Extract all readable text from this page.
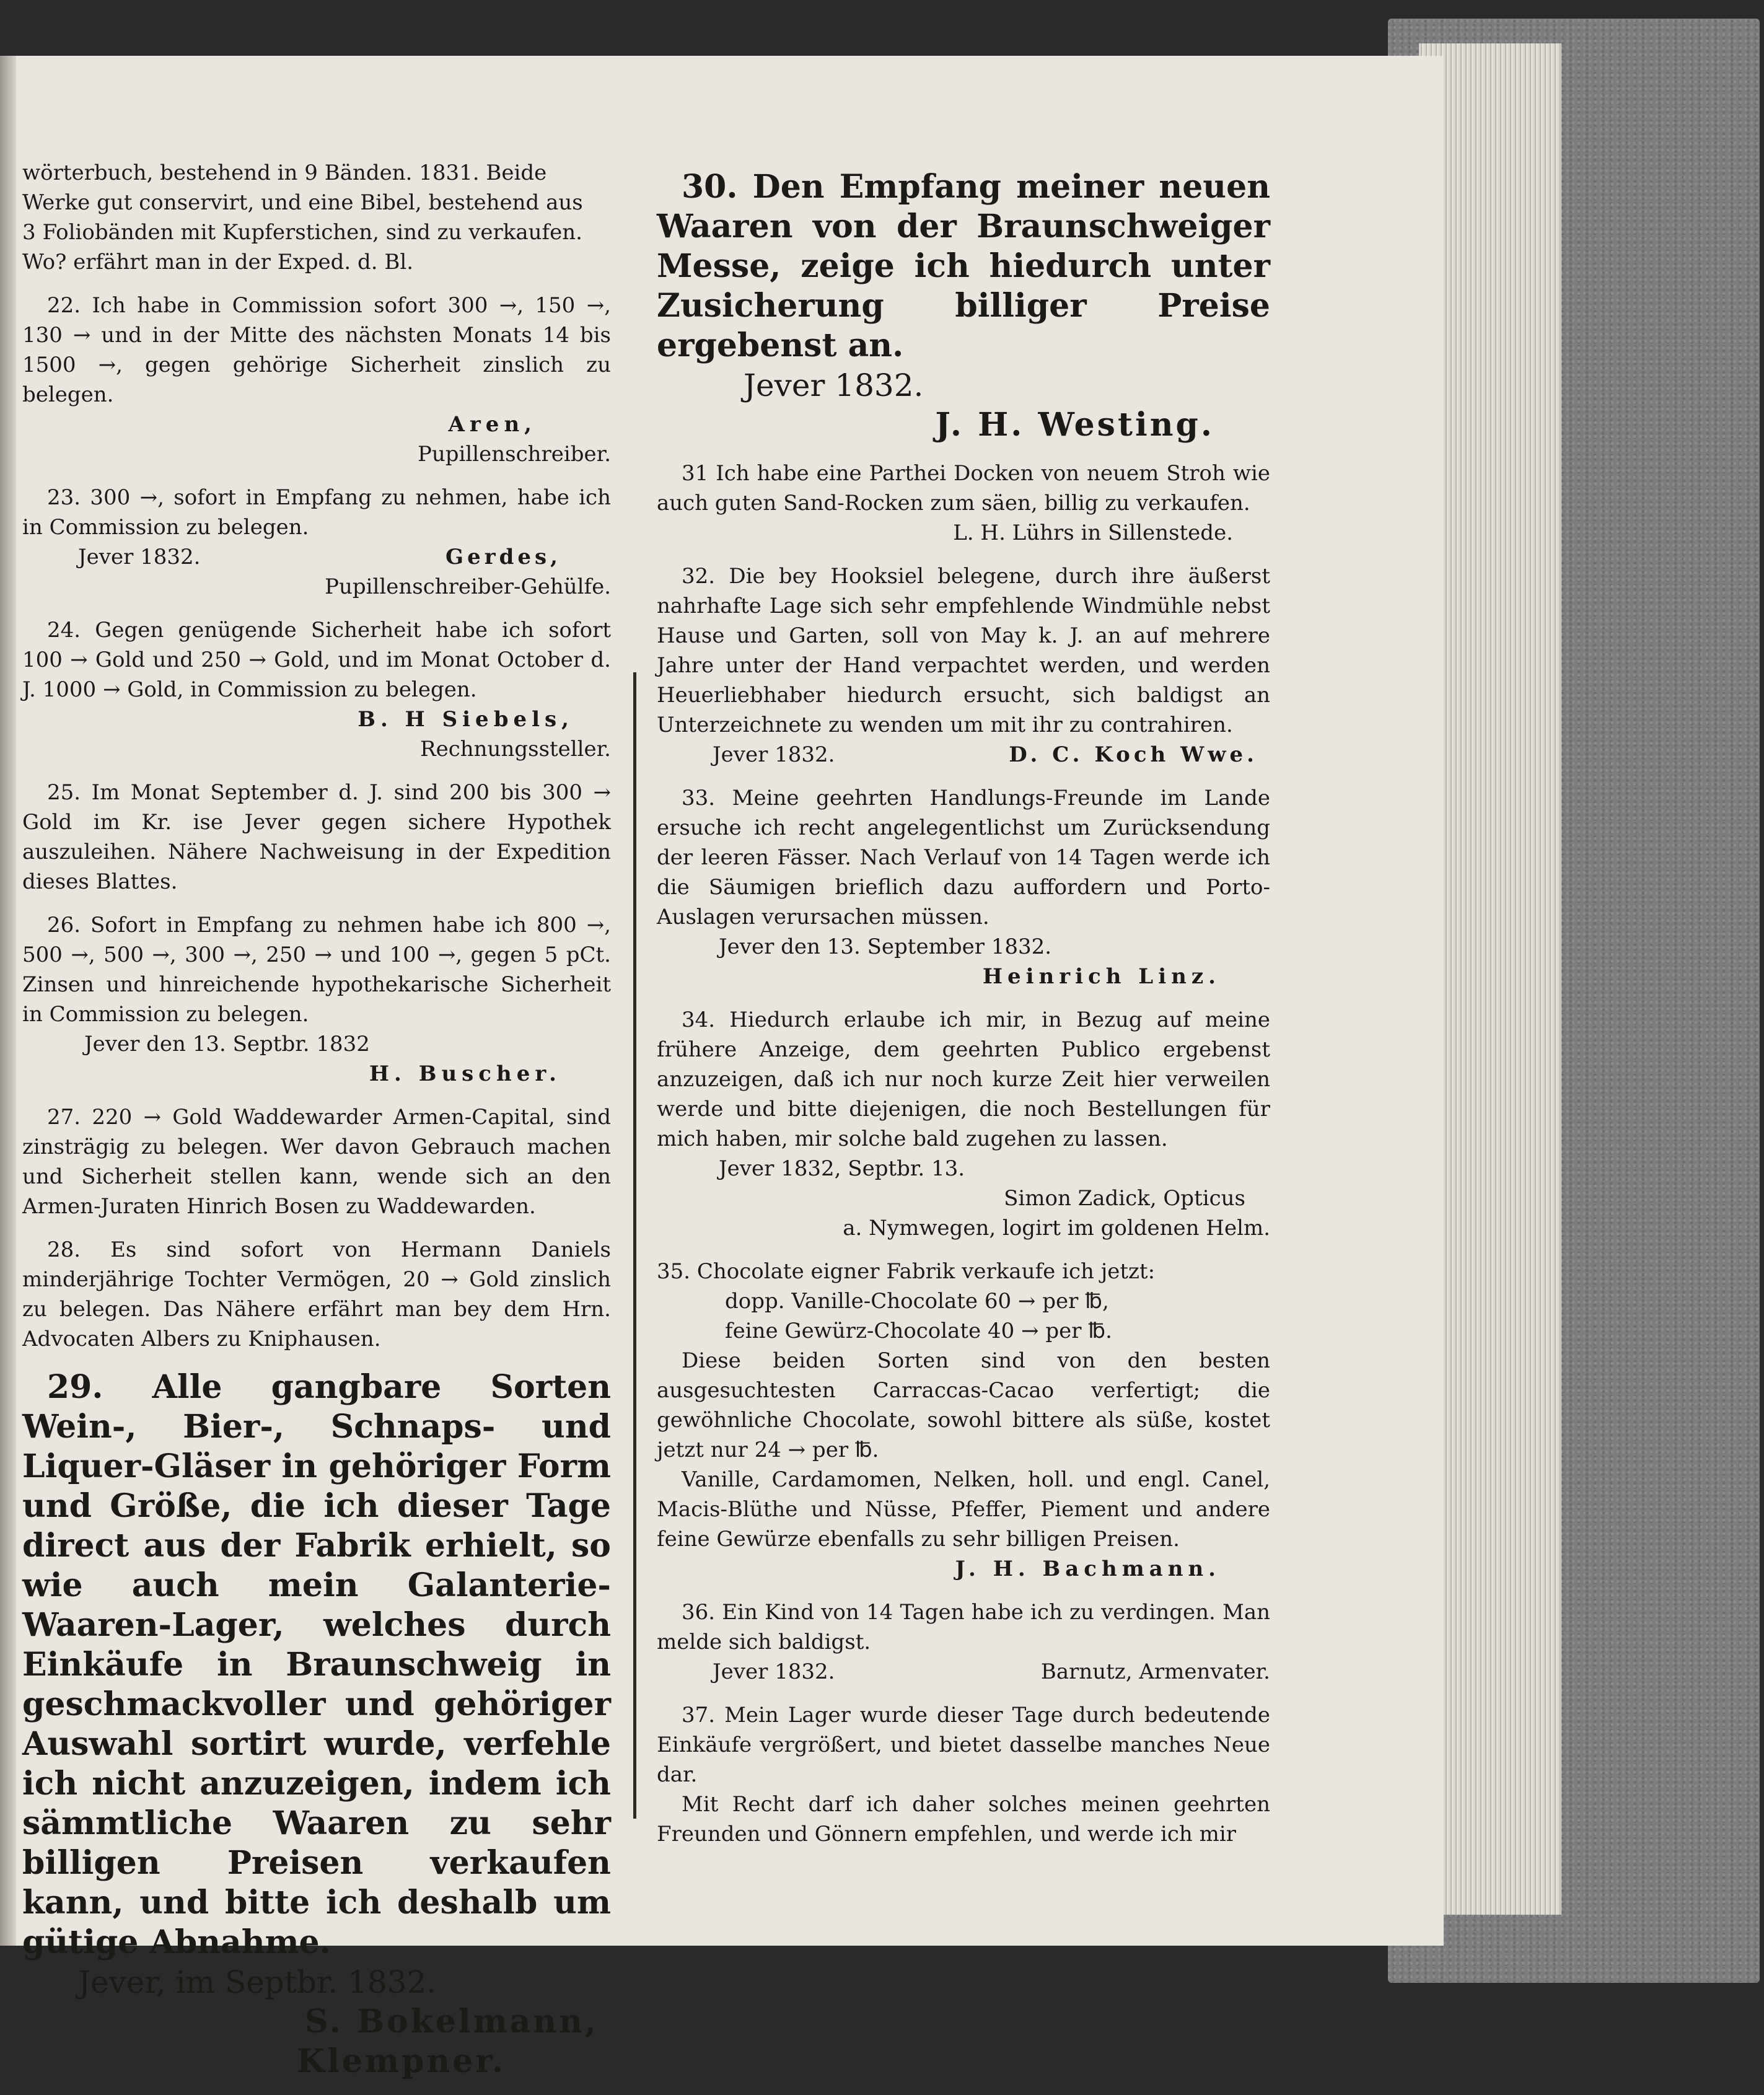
wörterbuch, bestehend in 9 Bänden. 1831. Beide

Werke gut conservirt, und eine Bibel, bestehend aus

3 Foliobänden mit Kupferstichen, sind zu verkaufen.

Wo? erfährt man in der Exped. d. Bl.

22. Ich habe in Commission sofort 300 →, 150 →, 130 → und in der Mitte des nächsten Monats 14 bis 1500 →, gegen gehörige Sicherheit zinslich zu belegen.

Aren,

Pupillenschreiber.

23. 300 →, sofort in Empfang zu nehmen, habe ich in Commission zu belegen.

Jever 1832.	Gerdes,

Pupillenschreiber-Gehülfe.

24. Gegen genügende Sicherheit habe ich sofort 100 → Gold und 250 → Gold, und im Monat October d. J. 1000 → Gold, in Commission zu belegen.

B. H Siebels,

Rechnungssteller.

25. Im Monat September d. J. sind 200 bis 300 → Gold im Kr. ise Jever gegen sichere Hypothek auszuleihen. Nähere Nachweisung in der Expedition dieses Blattes.

26. Sofort in Empfang zu nehmen habe ich 800 →, 500 →, 500 →, 300 →, 250 → und 100 →, gegen 5 pCt. Zinsen und hinreichende hypothekarische Sicherheit in Commission zu belegen.

Jever den 13. Septbr. 1832

H. Buscher.

27. 220 → Gold Waddewarder Armen-Capital, sind zinsträgig zu belegen. Wer davon Gebrauch machen und Sicherheit stellen kann, wende sich an den Armen-Juraten Hinrich Bosen zu Waddewarden.

28. Es sind sofort von Hermann Daniels minderjährige Tochter Vermögen, 20 → Gold zinslich zu belegen. Das Nähere erfährt man bey dem Hrn. Advocaten Albers zu Kniphausen.

29. Alle gangbare Sorten Wein-, Bier-, Schnaps- und Liquer-Gläser in gehöriger Form und Größe, die ich dieser Tage direct aus der Fabrik erhielt, so wie auch mein Galanterie-Waaren-Lager, welches durch Einkäufe in Braunschweig in geschmackvoller und gehöriger Auswahl sortirt wurde, verfehle ich nicht anzuzeigen, indem ich sämmtliche Waaren zu sehr billigen Preisen verkaufen kann, und bitte ich deshalb um gütige Abnahme.

Jever, im Septbr. 1832.

S. Bokelmann,

Klempner.

30. Den Empfang meiner neuen Waaren von der Braunschweiger Messe, zeige ich hiedurch unter Zusicherung billiger Preise ergebenst an.

Jever 1832.

J. H. Westing.

31 Ich habe eine Parthei Docken von neuem Stroh wie auch guten Sand-Rocken zum säen, billig zu verkaufen.

L. H. Lührs in Sillenstede.

32. Die bey Hooksiel belegene, durch ihre äußerst nahrhafte Lage sich sehr empfehlende Windmühle nebst Hause und Garten, soll von May k. J. an auf mehrere Jahre unter der Hand verpachtet werden, und werden Heuerliebhaber hiedurch ersucht, sich baldigst an Unterzeichnete zu wenden um mit ihr zu contrahiren.

Jever 1832.	D. C. Koch Wwe.

33. Meine geehrten Handlungs-Freunde im Lande ersuche ich recht angelegentlichst um Zurücksendung der leeren Fässer. Nach Verlauf von 14 Tagen werde ich die Säumigen brieflich dazu auffordern und Porto-Auslagen verursachen müssen.

Jever den 13. September 1832.

Heinrich Linz.

34. Hiedurch erlaube ich mir, in Bezug auf meine frühere Anzeige, dem geehrten Publico ergebenst anzuzeigen, daß ich nur noch kurze Zeit hier verweilen werde und bitte diejenigen, die noch Bestellungen für mich haben, mir solche bald zugehen zu lassen.

Jever 1832, Septbr. 13.

Simon Zadick, Opticus

a. Nymwegen, logirt im goldenen Helm.

35. Chocolate eigner Fabrik verkaufe ich jetzt:

dopp. Vanille-Chocolate 60 → per ℔,

feine Gewürz-Chocolate 40 → per ℔.

Diese beiden Sorten sind von den besten ausgesuchtesten Carraccas-Cacao verfertigt; die gewöhnliche Chocolate, sowohl bittere als süße, kostet jetzt nur 24 → per ℔.

Vanille, Cardamomen, Nelken, holl. und engl. Canel, Macis-Blüthe und Nüsse, Pfeffer, Piement und andere feine Gewürze ebenfalls zu sehr billigen Preisen.

J. H. Bachmann.

36. Ein Kind von 14 Tagen habe ich zu verdingen. Man melde sich baldigst.

Jever 1832.	Barnutz, Armenvater.

37. Mein Lager wurde dieser Tage durch bedeutende Einkäufe vergrößert, und bietet dasselbe manches Neue dar.

Mit Recht darf ich daher solches meinen geehrten Freunden und Gönnern empfehlen, und werde ich mir
